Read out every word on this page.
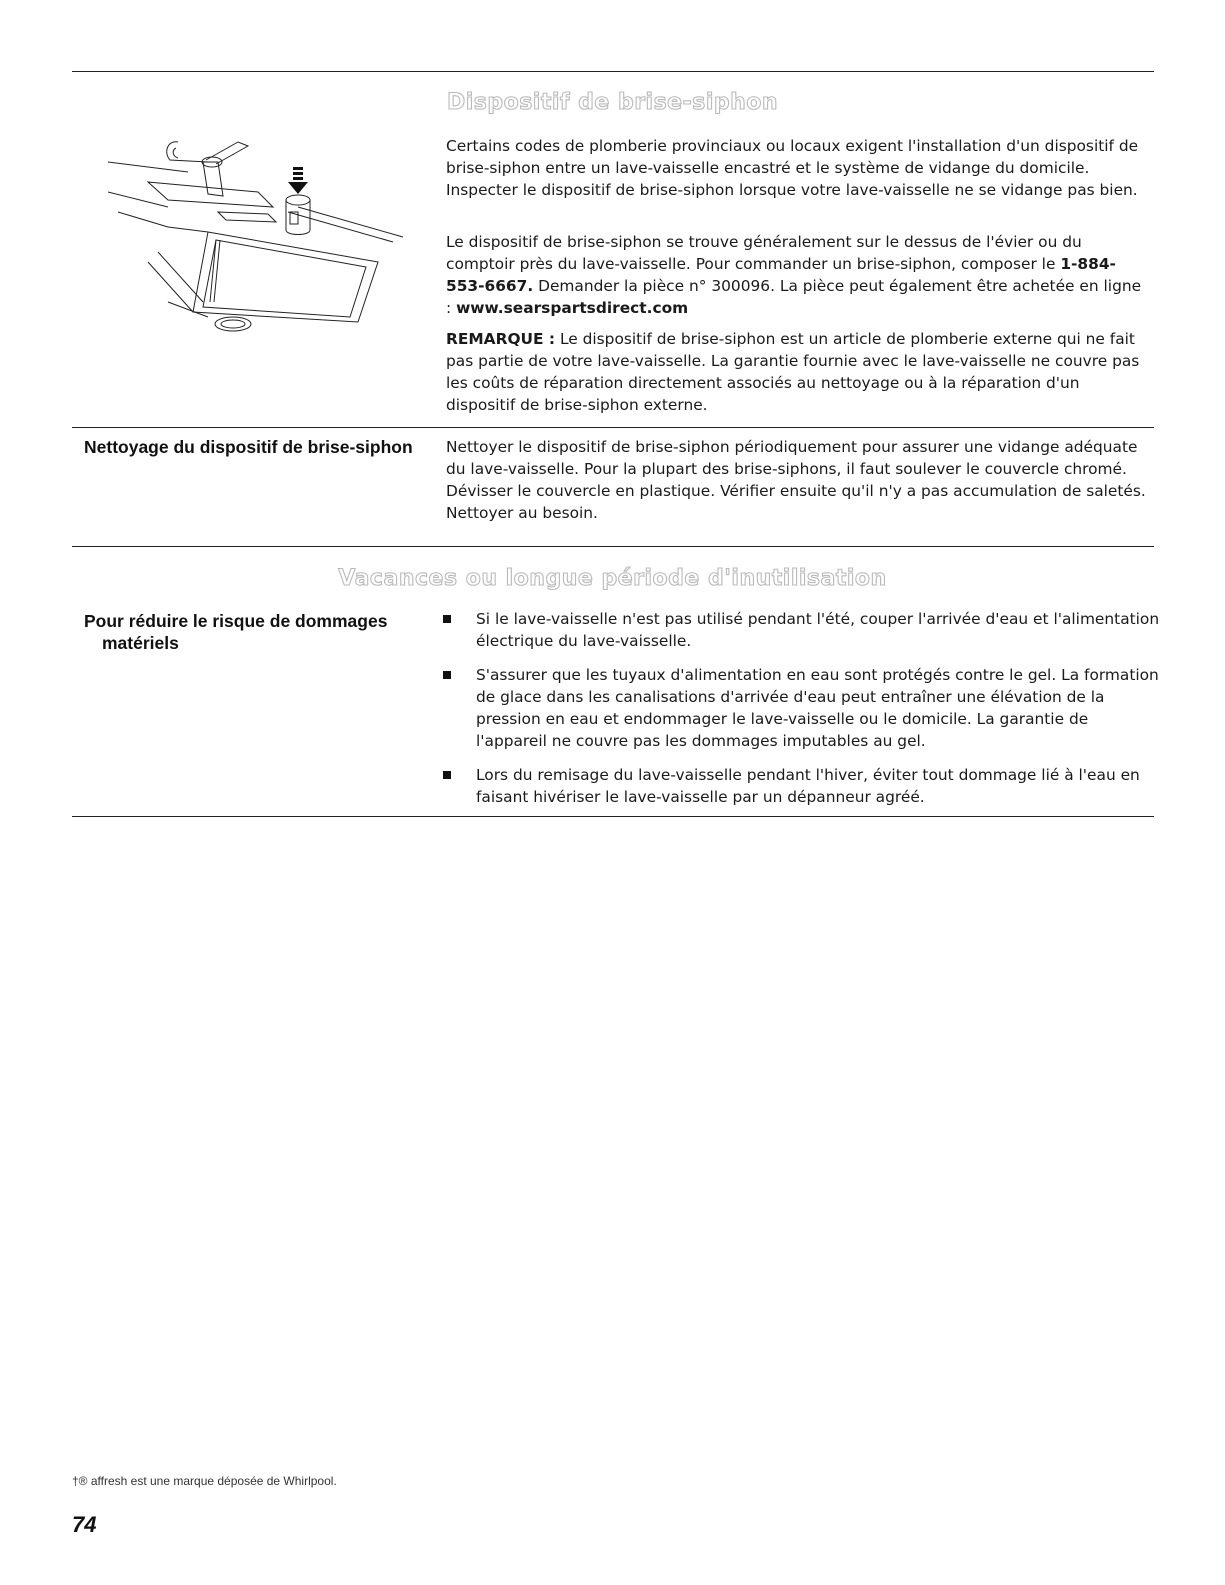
Dispositif de brise-siphon

Certains codes de plomberie provinciaux ou locaux exigent l'installation d'un dispositif de brise-siphon entre un lave-vaisselle encastré et le système de vidange du domicile. Inspecter le dispositif de brise-siphon lorsque votre lave-vaisselle ne se vidange pas bien.

Le dispositif de brise-siphon se trouve généralement sur le dessus de l'évier ou du comptoir près du lave-vaisselle. Pour commander un brise-siphon, composer le 1-884-553-6667. Demander la pièce n° 300096. La pièce peut également être achetée en ligne : www.searspartsdirect.com

REMARQUE : Le dispositif de brise-siphon est un article de plomberie externe qui ne fait pas partie de votre lave-vaisselle. La garantie fournie avec le lave-vaisselle ne couvre pas les coûts de réparation directement associés au nettoyage ou à la réparation d'un dispositif de brise-siphon externe.

Nettoyage du dispositif de brise-siphon	Nettoyer le dispositif de brise-siphon périodiquement pour assurer une vidange adéquate du lave-vaisselle. Pour la plupart des brise-siphons, il faut soulever le couvercle chromé. Dévisser le couvercle en plastique. Vérifier ensuite qu'il n'y a pas accumulation de saletés. Nettoyer au besoin.

Vacances ou longue période d'inutilisation
Pour réduire le risque de dommages matériels
Si le lave-vaisselle n'est pas utilisé pendant l'été, couper l'arrivée d'eau et l'alimentation électrique du lave-vaisselle.
S'assurer que les tuyaux d'alimentation en eau sont protégés contre le gel. La formation de glace dans les canalisations d'arrivée d'eau peut entraîner une élévation de la pression en eau et endommager le lave-vaisselle ou le domicile. La garantie de l'appareil ne couvre pas les dommages imputables au gel.
Lors du remisage du lave-vaisselle pendant l'hiver, éviter tout dommage lié à l'eau en faisant hivériser le lave-vaisselle par un dépanneur agréé.
†® affresh est une marque déposée de Whirlpool.
74
